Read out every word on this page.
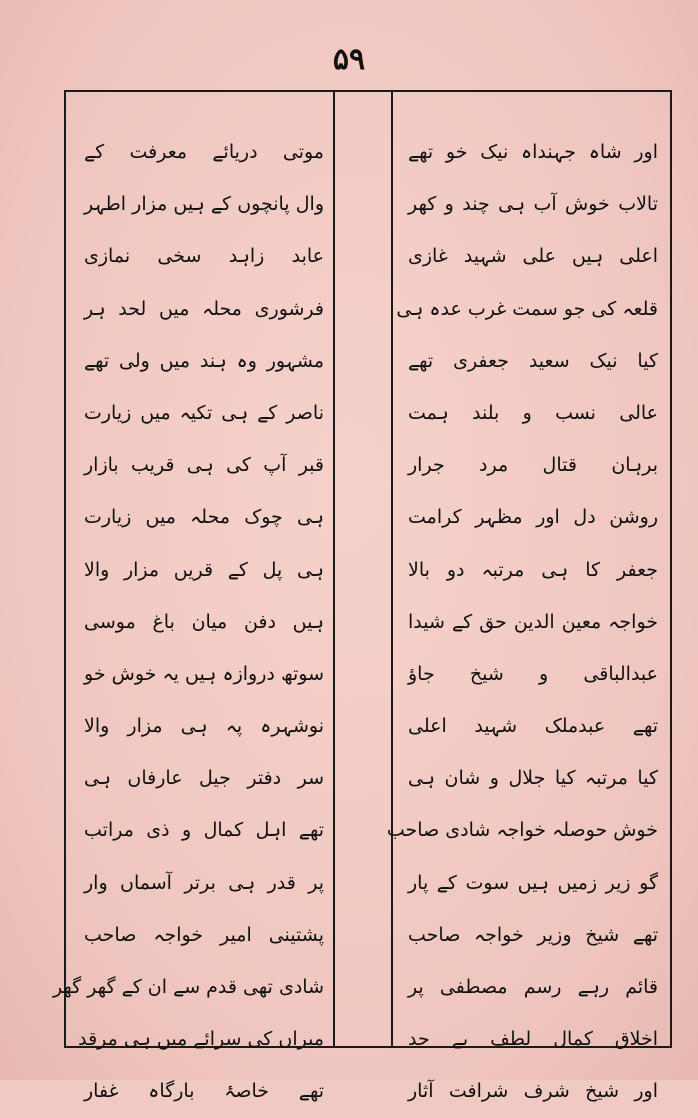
۵۹
اور شاہ جہنداہ نیک خو تھے
تالاب خوش آب ہی چند و کھر
اعلی ہیں علی شہید غازی
قلعہ کی جو سمت غرب عدہ ہی
کیا نیک سعید جعفری تھے
عالی نسب و بلند ہمت
برہان قتال مرد جرار
روشن دل اور مظہر کرامت
جعفر کا ہی مرتبہ دو بالا
خواجہ معین الدین حق کے شیدا
عبدالباقی و شیخ جاؤ
تھے عبدملک شہید اعلی
کیا مرتبہ کیا جلال و شان ہی
خوش حوصلہ خواجہ شادی صاحب
گو زیر زمیں ہیں سوت کے پار
تھے شیخ وزیر خواجہ صاحب
قائم رہے رسم مصطفی پر
اخلاق کمال لطف بے حد
اور شیخ شرف شرافت آثار
موتی دریائے معرفت کے
وال پانچوں کے ہیں مزار اطہر
عابد زاہد سخی نمازی
فرشوری محلہ میں لحد ہر
مشہور وہ ہند میں ولی تھے
ناصر کے ہی تکیہ میں زیارت
قبر آپ کی ہی قریب بازار
ہی چوک محلہ میں زیارت
ہی پل کے قریں مزار والا
ہیں دفن میان باغ موسی
سوتھ دروازہ ہیں یہ خوش خو
نوشہرہ پہ ہی مزار والا
سر دفتر جیل عارفاں ہی
تھے اہل کمال و ذی مراتب
پر قدر ہی برتر آسماں وار
پشتینی امیر خواجہ صاحب
شادی تھی قدم سے ان کے گھر گھر
میراں کی سرائے میں ہی مرقد
تھے خاصۂ بارگاہ غفار
